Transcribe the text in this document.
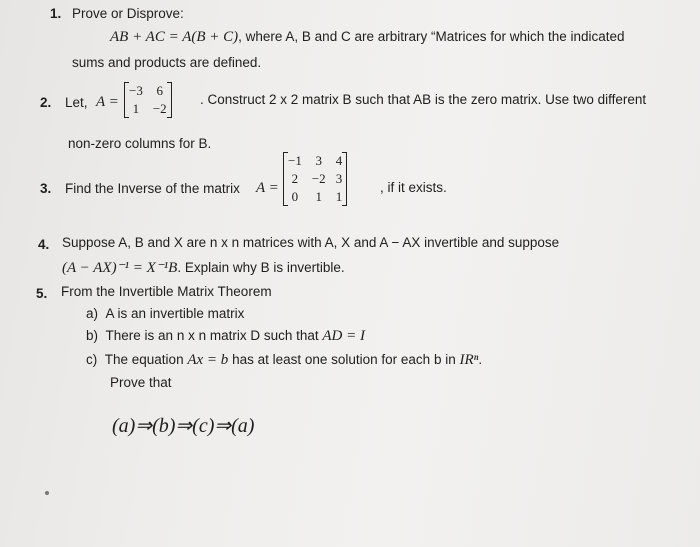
1. Prove or Disprove:
AB + AC = A(B + C), where A, B and C are arbitrary “Matrices for which the indicated
sums and products are defined.
2. Let, A =
−3	6
1	−2
. Construct 2 x 2 matrix B such that AB is the zero matrix. Use two different
non-zero columns for B.
3. Find the Inverse of the matrix A =
−1	3	4
2	−2	3
0	1	1
, if it exists.
4. Suppose A, B and X are n x n matrices with A, X and A − AX invertible and suppose
(A − AX)⁻¹ = X⁻¹B. Explain why B is invertible.
5. From the Invertible Matrix Theorem
a) A is an invertible matrix
b) There is an n x n matrix D such that AD = I
c) The equation Ax = b has at least one solution for each b in IRⁿ.
Prove that
(a)⇒(b)⇒(c)⇒(a)
